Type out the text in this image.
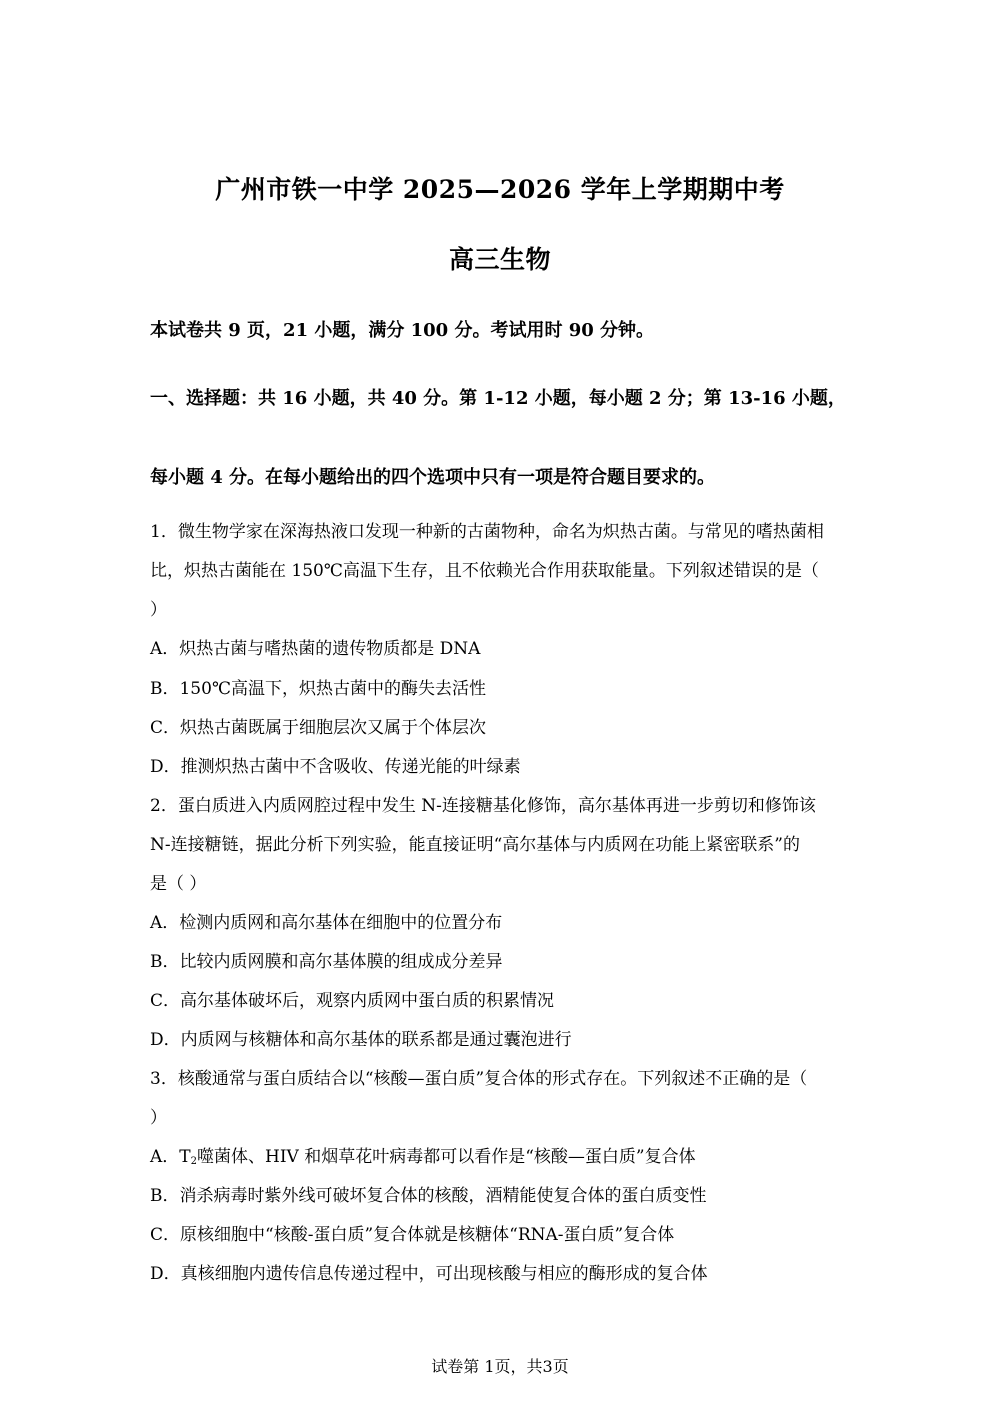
广州市铁一中学 2025—2026 学年上学期期中考
高三生物
本试卷共 9 页，21 小题，满分 100 分。考试用时 90 分钟。
一、选择题：共 16 小题，共 40 分。第 1-12 小题，每小题 2 分；第 13-16 小题，
每小题 4 分。在每小题给出的四个选项中只有一项是符合题目要求的。
1．微生物学家在深海热液口发现一种新的古菌物种，命名为炽热古菌。与常见的嗜热菌相
比，炽热古菌能在 150℃高温下生存，且不依赖光合作用获取能量。下列叙述错误的是（
）
A．炽热古菌与嗜热菌的遗传物质都是 DNA
B．150℃高温下，炽热古菌中的酶失去活性
C．炽热古菌既属于细胞层次又属于个体层次
D．推测炽热古菌中不含吸收、传递光能的叶绿素
2．蛋白质进入内质网腔过程中发生 N-连接糖基化修饰，高尔基体再进一步剪切和修饰该
N-连接糖链，据此分析下列实验，能直接证明“高尔基体与内质网在功能上紧密联系”的
是（ ）
A．检测内质网和高尔基体在细胞中的位置分布
B．比较内质网膜和高尔基体膜的组成成分差异
C．高尔基体破坏后，观察内质网中蛋白质的积累情况
D．内质网与核糖体和高尔基体的联系都是通过囊泡进行
3．核酸通常与蛋白质结合以“核酸—蛋白质”复合体的形式存在。下列叙述不正确的是（
）
A．$T_2$噬菌体、HIV 和烟草花叶病毒都可以看作是“核酸—蛋白质”复合体
B．消杀病毒时紫外线可破坏复合体的核酸，酒精能使复合体的蛋白质变性
C．原核细胞中“核酸-蛋白质”复合体就是核糖体“RNA-蛋白质”复合体
D．真核细胞内遗传信息传递过程中，可出现核酸与相应的酶形成的复合体
试卷第 1页，共3页
